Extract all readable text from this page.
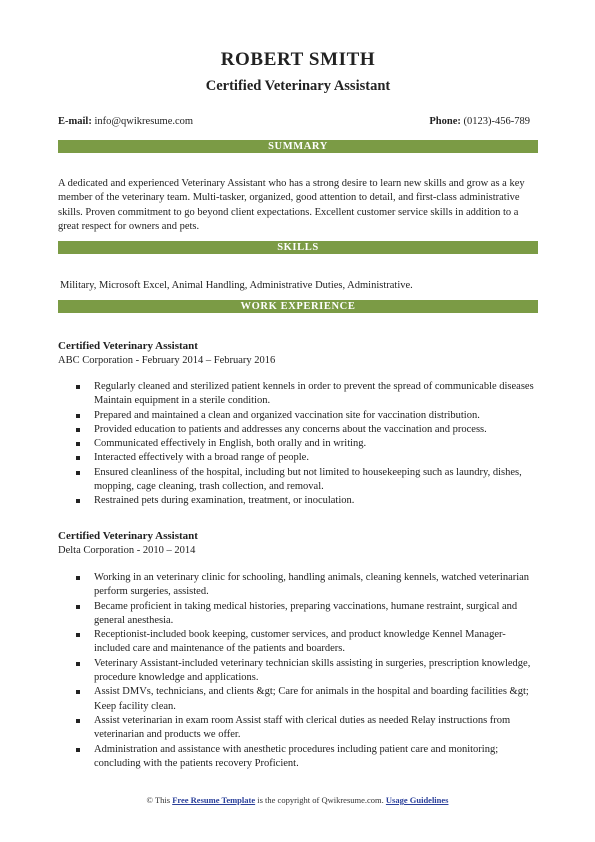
ROBERT SMITH
Certified Veterinary Assistant
E-mail: info@qwikresume.com	Phone: (0123)-456-789
SUMMARY
A dedicated and experienced Veterinary Assistant who has a strong desire to learn new skills and grow as a key member of the veterinary team. Multi-tasker, organized, good attention to detail, and first-class administrative skills. Proven commitment to go beyond client expectations. Excellent customer service skills in addition to a great respect for owners and pets.
SKILLS
Military, Microsoft Excel, Animal Handling, Administrative Duties, Administrative.
WORK EXPERIENCE
Certified Veterinary Assistant
ABC Corporation - February 2014 – February 2016
Regularly cleaned and sterilized patient kennels in order to prevent the spread of communicable diseases Maintain equipment in a sterile condition.
Prepared and maintained a clean and organized vaccination site for vaccination distribution.
Provided education to patients and addresses any concerns about the vaccination and process.
Communicated effectively in English, both orally and in writing.
Interacted effectively with a broad range of people.
Ensured cleanliness of the hospital, including but not limited to housekeeping such as laundry, dishes, mopping, cage cleaning, trash collection, and removal.
Restrained pets during examination, treatment, or inoculation.
Certified Veterinary Assistant
Delta Corporation - 2010 – 2014
Working in an veterinary clinic for schooling, handling animals, cleaning kennels, watched veterinarian perform surgeries, assisted.
Became proficient in taking medical histories, preparing vaccinations, humane restraint, surgical and general anesthesia.
Receptionist-included book keeping, customer services, and product knowledge Kennel Manager-included care and maintenance of the patients and boarders.
Veterinary Assistant-included veterinary technician skills assisting in surgeries, prescription knowledge, procedure knowledge and applications.
Assist DMVs, technicians, and clients &gt; Care for animals in the hospital and boarding facilities &gt; Keep facility clean.
Assist veterinarian in exam room Assist staff with clerical duties as needed Relay instructions from veterinarian and products we offer.
Administration and assistance with anesthetic procedures including patient care and monitoring; concluding with the patients recovery Proficient.
© This Free Resume Template is the copyright of Qwikresume.com. Usage Guidelines
